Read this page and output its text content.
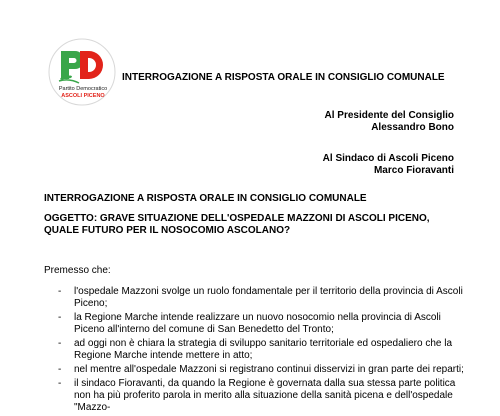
Partito Democratico
ASCOLI PICENO
INTERROGAZIONE A RISPOSTA ORALE IN CONSIGLIO COMUNALE
Al Presidente del Consiglio
Alessandro Bono
Al Sindaco di Ascoli Piceno
Marco Fioravanti
INTERROGAZIONE A RISPOSTA ORALE IN CONSIGLIO COMUNALE
OGGETTO: GRAVE SITUAZIONE DELL'OSPEDALE MAZZONI DI ASCOLI PICENO, QUALE FUTURO PER IL NOSOCOMIO ASCOLANO?
Premesso che:
-	l'ospedale Mazzoni svolge un ruolo fondamentale per il territorio della provincia di Ascoli Piceno;
-	la Regione Marche intende realizzare un nuovo nosocomio nella provincia di Ascoli Piceno all'interno del comune di San Benedetto del Tronto;
-	ad oggi non è chiara la strategia di sviluppo sanitario territoriale ed ospedaliero che la Regione Marche intende mettere in atto;
-	nel mentre all'ospedale Mazzoni si registrano continui disservizi in gran parte dei reparti;
-	il sindaco Fioravanti, da quando la Regione è governata dalla sua stessa parte politica non ha più proferito parola in merito alla situazione della sanità picena e dell'ospedale "Mazzo-
